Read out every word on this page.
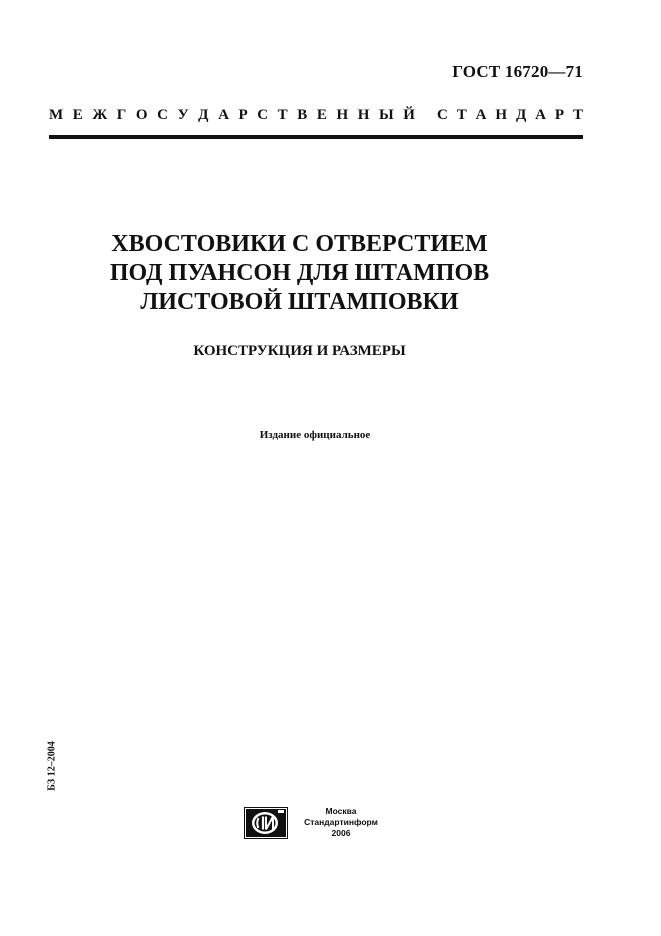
ГОСТ 16720—71
М Е Ж Г О С У Д А Р С Т В Е Н Н Ы Й С Т А Н Д А Р Т
ХВОСТОВИКИ С ОТВЕРСТИЕМ
ПОД ПУАНСОН ДЛЯ ШТАМПОВ
ЛИСТОВОЙ ШТАМПОВКИ
КОНСТРУКЦИЯ И РАЗМЕРЫ
Издание официальное
БЗ 12–2004
Москва
Стандартинформ
2006
